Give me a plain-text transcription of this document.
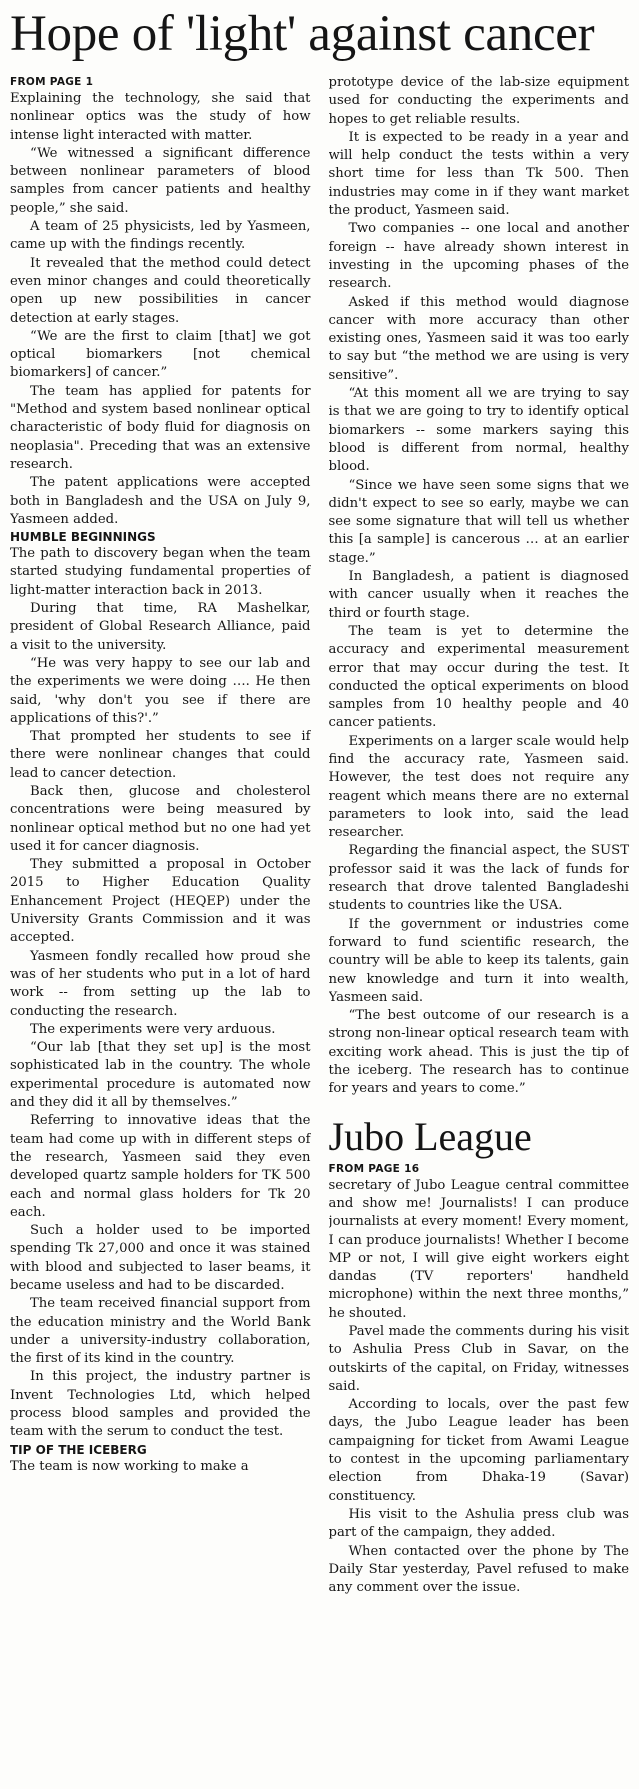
Hope of 'light' against cancer
FROM PAGE 1

Explaining the technology, she said that nonlinear optics was the study of how intense light interacted with matter.

“We witnessed a significant difference between nonlinear parameters of blood samples from cancer patients and healthy people,” she said.

A team of 25 physicists, led by Yasmeen, came up with the findings recently.

It revealed that the method could detect even minor changes and could theoretically open up new possibilities in cancer detection at early stages.

“We are the first to claim [that] we got optical biomarkers [not chemical biomarkers] of cancer.”

The team has applied for patents for "Method and system based nonlinear optical characteristic of body fluid for diagnosis on neoplasia". Preceding that was an extensive research.

The patent applications were accepted both in Bangladesh and the USA on July 9, Yasmeen added.

HUMBLE BEGINNINGS

The path to discovery began when the team started studying fundamental properties of light-matter interaction back in 2013.

During that time, RA Mashelkar, president of Global Research Alliance, paid a visit to the university.

“He was very happy to see our lab and the experiments we were doing …. He then said, 'why don't you see if there are applications of this?'.”

That prompted her students to see if there were nonlinear changes that could lead to cancer detection.

Back then, glucose and cholesterol concentrations were being measured by nonlinear optical method but no one had yet used it for cancer diagnosis.

They submitted a proposal in October 2015 to Higher Education Quality Enhancement Project (HEQEP) under the University Grants Commission and it was accepted.

Yasmeen fondly recalled how proud she was of her students who put in a lot of hard work -- from setting up the lab to conducting the research.

The experiments were very arduous.

“Our lab [that they set up] is the most sophisticated lab in the country. The whole experimental procedure is automated now and they did it all by themselves.”

Referring to innovative ideas that the team had come up with in different steps of the research, Yasmeen said they even developed quartz sample holders for TK 500 each and normal glass holders for Tk 20 each.

Such a holder used to be imported spending Tk 27,000 and once it was stained with blood and subjected to laser beams, it became useless and had to be discarded.

The team received financial support from the education ministry and the World Bank under a university-industry collaboration, the first of its kind in the country.

In this project, the industry partner is Invent Technologies Ltd, which helped process blood samples and provided the team with the serum to conduct the test.

TIP OF THE ICEBERG

The team is now working to make a

prototype device of the lab-size equipment used for conducting the experiments and hopes to get reliable results.

It is expected to be ready in a year and will help conduct the tests within a very short time for less than Tk 500. Then industries may come in if they want market the product, Yasmeen said.

Two companies -- one local and another foreign -- have already shown interest in investing in the upcoming phases of the research.

Asked if this method would diagnose cancer with more accuracy than other existing ones, Yasmeen said it was too early to say but “the method we are using is very sensitive”.

“At this moment all we are trying to say is that we are going to try to identify optical biomarkers -- some markers saying this blood is different from normal, healthy blood.

“Since we have seen some signs that we didn't expect to see so early, maybe we can see some signature that will tell us whether this [a sample] is cancerous … at an earlier stage.”

In Bangladesh, a patient is diagnosed with cancer usually when it reaches the third or fourth stage.

The team is yet to determine the accuracy and experimental measurement error that may occur during the test. It conducted the optical experiments on blood samples from 10 healthy people and 40 cancer patients.

Experiments on a larger scale would help find the accuracy rate, Yasmeen said. However, the test does not require any reagent which means there are no external parameters to look into, said the lead researcher.

Regarding the financial aspect, the SUST professor said it was the lack of funds for research that drove talented Bangladeshi students to countries like the USA.

If the government or industries come forward to fund scientific research, the country will be able to keep its talents, gain new knowledge and turn it into wealth, Yasmeen said.

“The best outcome of our research is a strong non-linear optical research team with exciting work ahead. This is just the tip of the iceberg. The research has to continue for years and years to come.”

Jubo League
FROM PAGE 16

secretary of Jubo League central committee and show me! Journalists! I can produce journalists at every moment! Every moment, I can produce journalists! Whether I become MP or not, I will give eight workers eight dandas (TV reporters' handheld microphone) within the next three months,” he shouted.

Pavel made the comments during his visit to Ashulia Press Club in Savar, on the outskirts of the capital, on Friday, witnesses said.

According to locals, over the past few days, the Jubo League leader has been campaigning for ticket from Awami League to contest in the upcoming parliamentary election from Dhaka-19 (Savar) constituency.

His visit to the Ashulia press club was part of the campaign, they added.

When contacted over the phone by The Daily Star yesterday, Pavel refused to make any comment over the issue.
